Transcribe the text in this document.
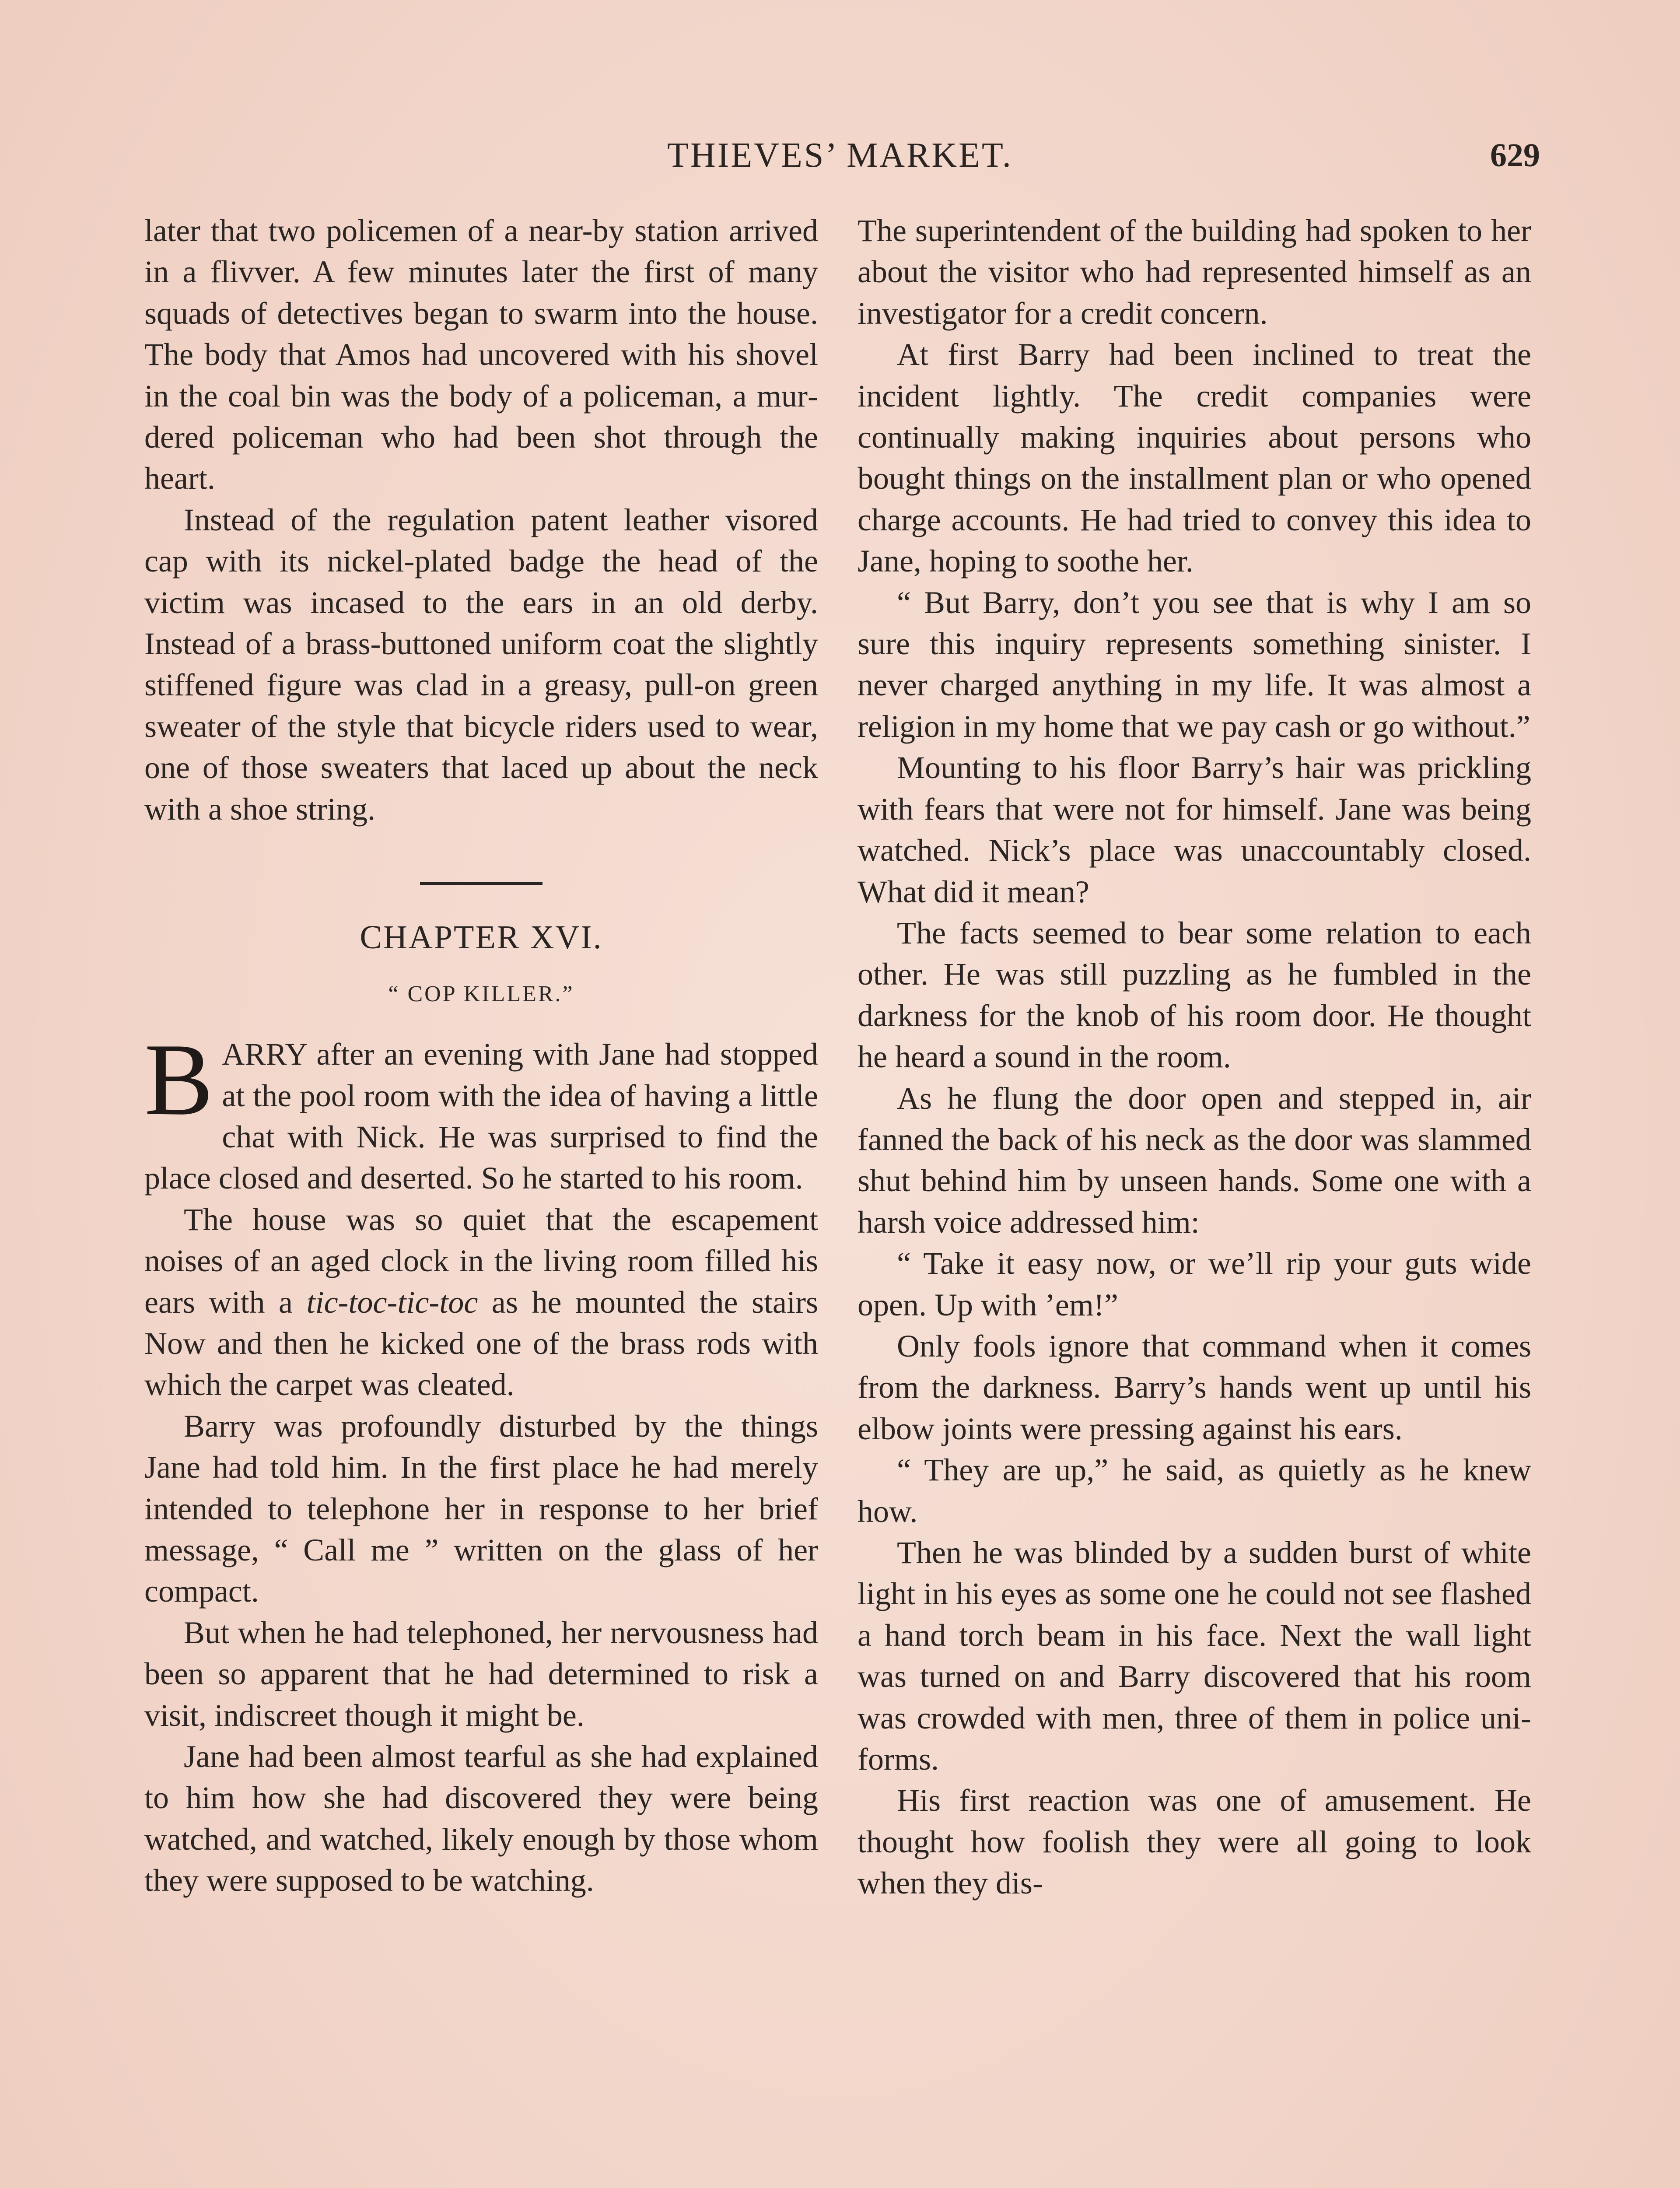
THIEVES’ MARKET.	629

later that two policemen of a near-by station arrived in a flivver. A few minutes later the first of many squads of detectives began to swarm into the house. The body that Amos had uncovered with his shovel in the coal bin was the body of a policeman, a murdered policeman who had been shot through the heart.

Instead of the regulation patent leather visored cap with its nickel-plated badge the head of the victim was incased to the ears in an old derby. Instead of a brass-buttoned uniform coat the slightly stiffened figure was clad in a greasy, pull-on green sweater of the style that bicycle riders used to wear, one of those sweaters that laced up about the neck with a shoe string.

CHAPTER XVI.
“ COP KILLER.”

BARRY after an evening with Jane had stopped at the pool room with the idea of having a little chat with Nick. He was surprised to find the place closed and deserted. So he started to his room.

The house was so quiet that the escapement noises of an aged clock in the living room filled his ears with a tic-toc-tic-toc as he mounted the stairs Now and then he kicked one of the brass rods with which the carpet was cleated.

Barry was profoundly disturbed by the things Jane had told him. In the first place he had merely intended to telephone her in response to her brief message, “ Call me ” written on the glass of her compact.

But when he had telephoned, her nervousness had been so apparent that he had determined to risk a visit, indiscreet though it might be.

Jane had been almost tearful as she had explained to him how she had discovered they were being watched, and watched, likely enough by those whom they were supposed to be watching.

The superintendent of the building had spoken to her about the visitor who had represented himself as an investigator for a credit concern.

At first Barry had been inclined to treat the incident lightly. The credit companies were continually making inquiries about persons who bought things on the installment plan or who opened charge accounts. He had tried to convey this idea to Jane, hoping to soothe her.

“ But Barry, don’t you see that is why I am so sure this inquiry represents something sinister. I never charged anything in my life. It was almost a religion in my home that we pay cash or go without.”

Mounting to his floor Barry’s hair was prickling with fears that were not for himself. Jane was being watched. Nick’s place was unaccountably closed. What did it mean?

The facts seemed to bear some relation to each other. He was still puzzling as he fumbled in the darkness for the knob of his room door. He thought he heard a sound in the room.

As he flung the door open and stepped in, air fanned the back of his neck as the door was slammed shut behind him by unseen hands. Some one with a harsh voice addressed him:

“ Take it easy now, or we’ll rip your guts wide open. Up with ’em!”

Only fools ignore that command when it comes from the darkness. Barry’s hands went up until his elbow joints were pressing against his ears.

“ They are up,” he said, as quietly as he knew how.

Then he was blinded by a sudden burst of white light in his eyes as some one he could not see flashed a hand torch beam in his face. Next the wall light was turned on and Barry discovered that his room was crowded with men, three of them in police uniforms.

His first reaction was one of amusement. He thought how foolish they were all going to look when they dis-
